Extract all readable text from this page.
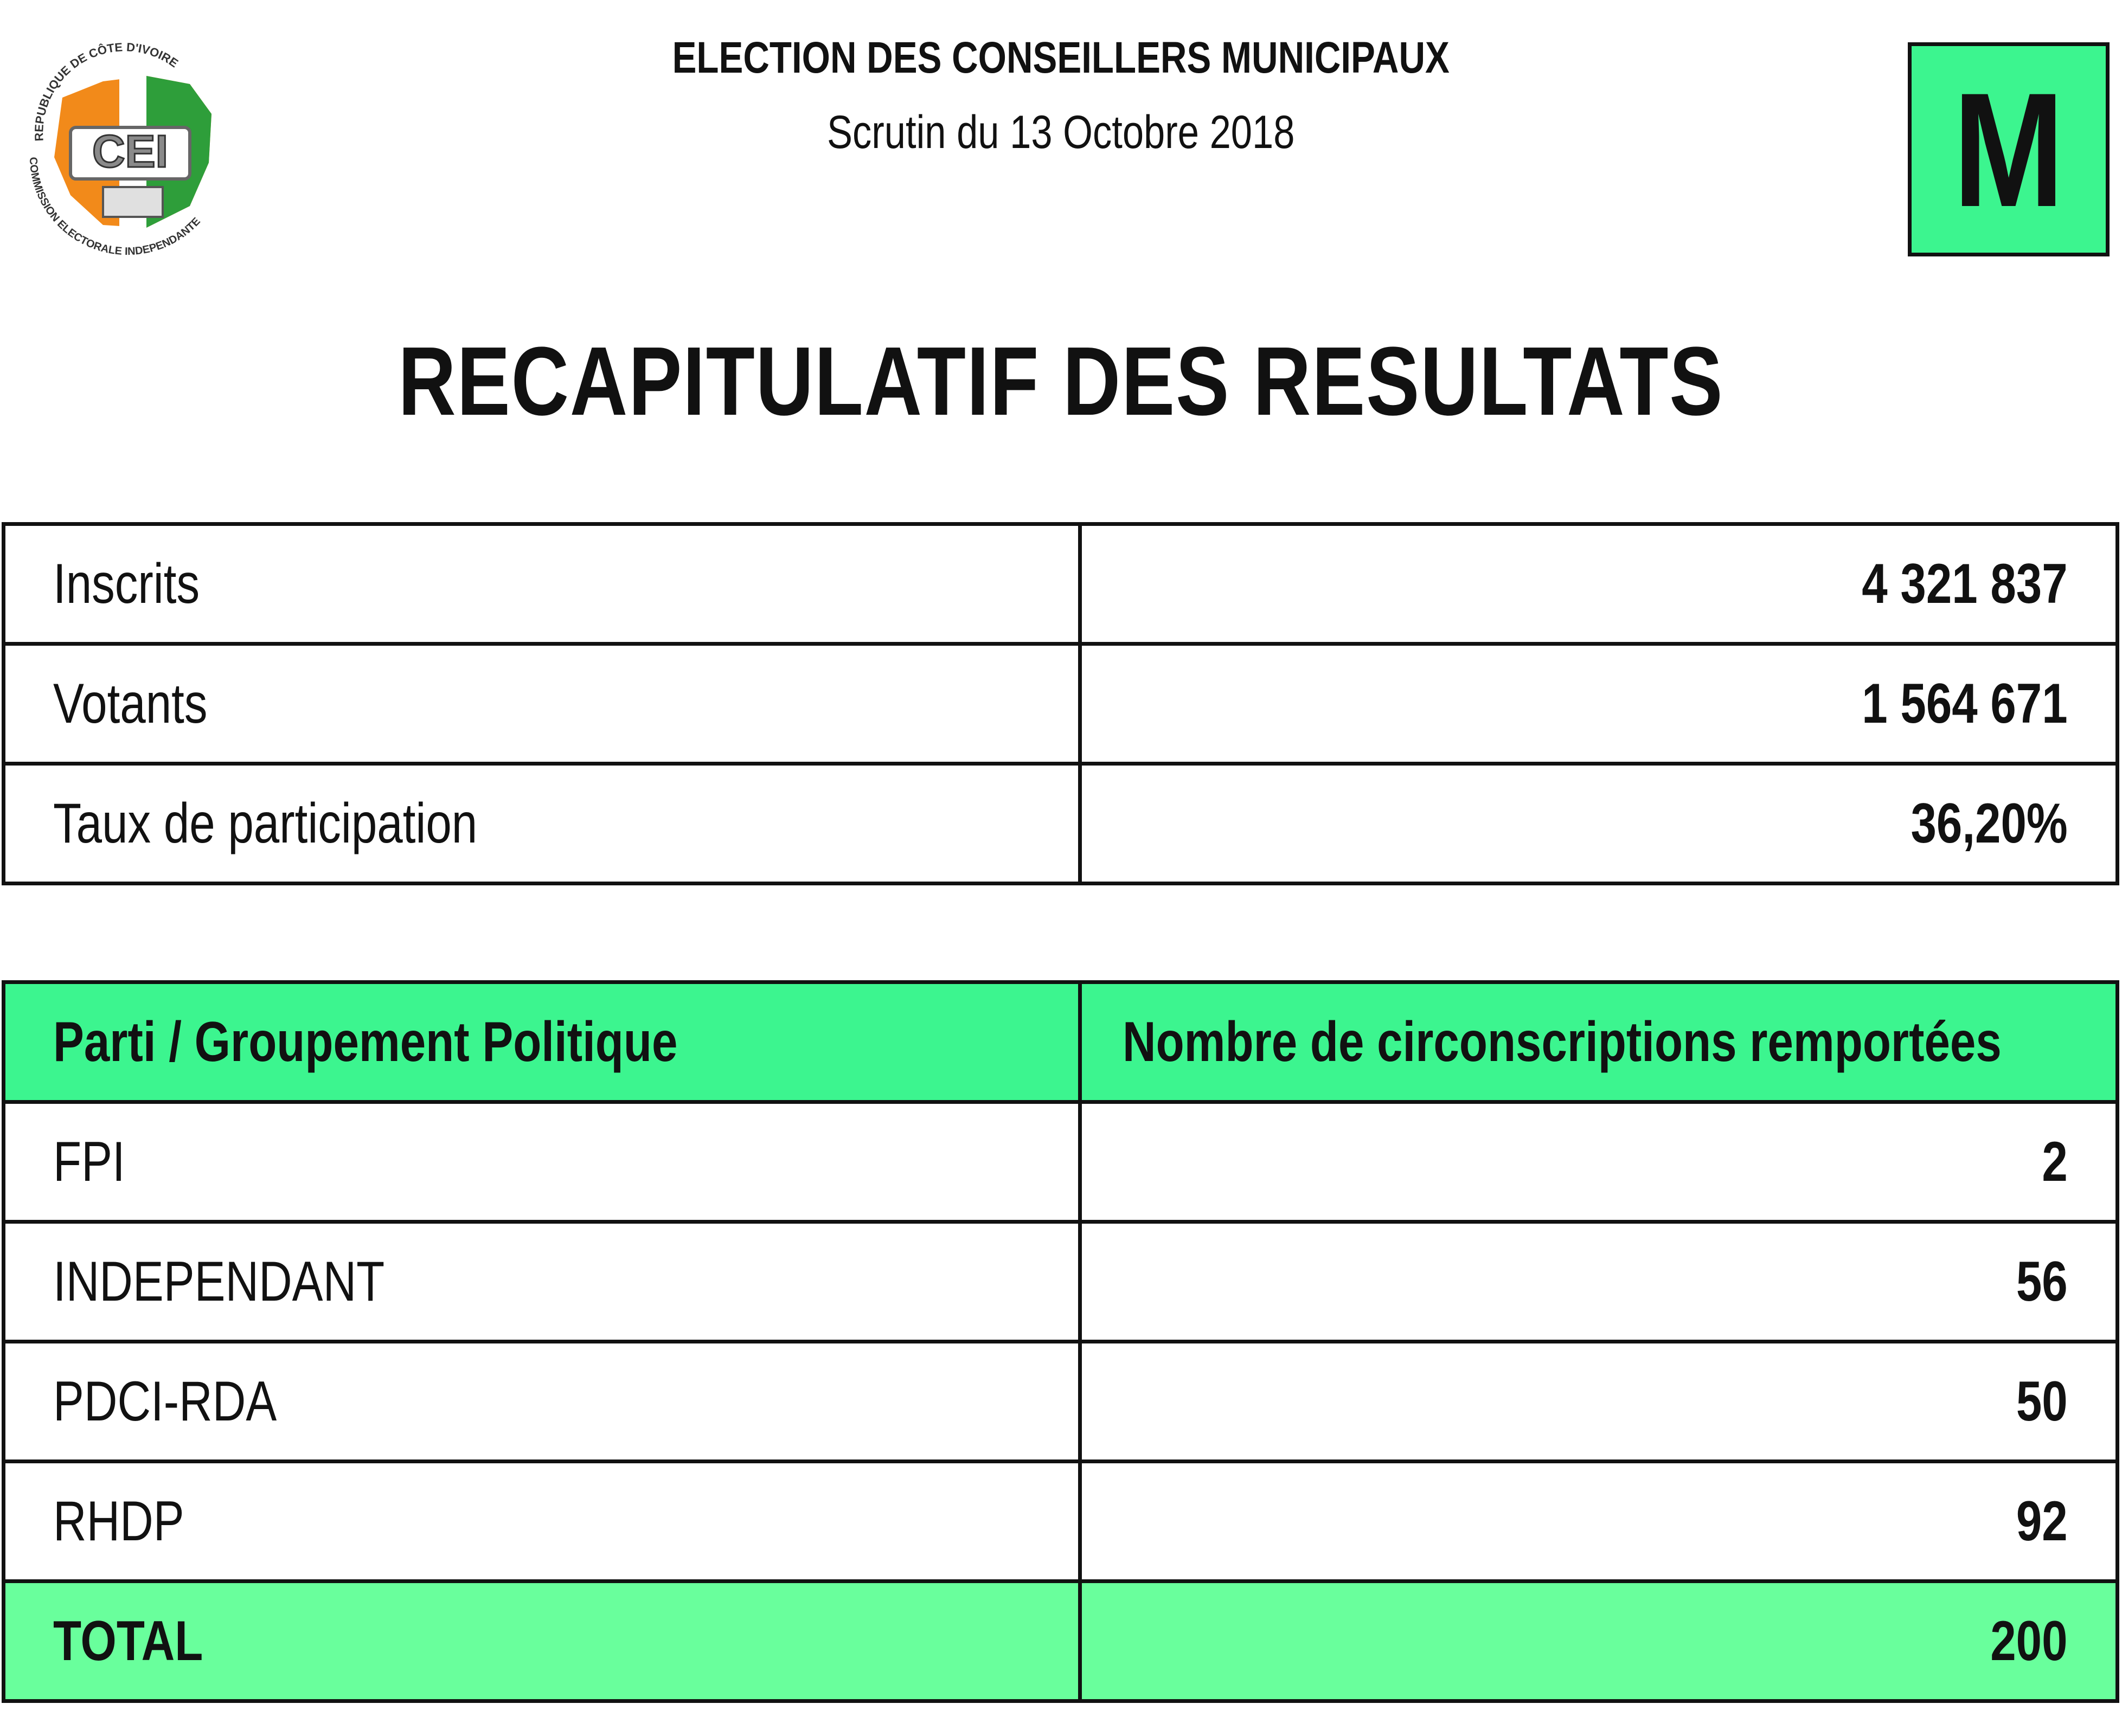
CEI
REPUBLIQUE DE CÔTE D'IVOIRE
COMMISSION ELECTORALE INDEPENDANTE
ELECTION DES CONSEILLERS MUNICIPAUX
Scrutin du 13 Octobre 2018	M
RECAPITULATIF DES RESULTATS
Inscrits	4 321 837
Votants	1 564 671
Taux de participation	36,20%
Parti / Groupement Politique	Nombre de circonscriptions remportées
FPI	2
INDEPENDANT	56
PDCI-RDA	50
RHDP	92
TOTAL	200
